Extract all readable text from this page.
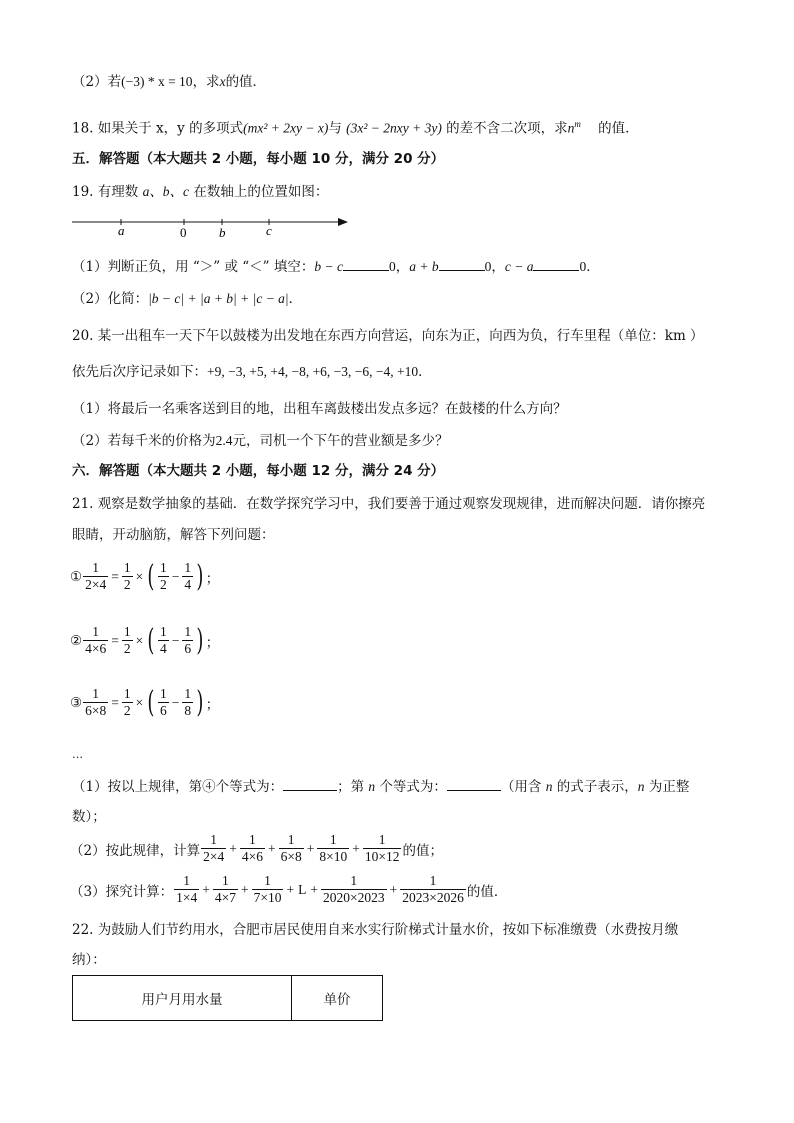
（2）若(−3) * x = 10，求x的值．
18. 如果关于 x，y 的多项式(mx² + 2xy − x)与 (3x² − 2nxy + 3y) 的差不含二次项，求$n^m$ 的值．
五．解答题（本大题共 2 小题，每小题 10 分，满分 20 分）
19. 有理数 a、b、c 在数轴上的位置如图：
a	0	b	c
（1）判断正负，用 “＞” 或 “＜” 填空：b − c	0，a + b	0，c − a	0．
（2）化简：|b − c| + |a + b| + |c − a|．
20. 某一出租车一天下午以鼓楼为出发地在东西方向营运，向东为正，向西为负，行车里程（单位：km ）
依先后次序记录如下：+9, −3, +5, +4, −8, +6, −3, −6, −4, +10．
（1）将最后一名乘客送到目的地，出租车离鼓楼出发点多远？在鼓楼的什么方向？
（2）若每千米的价格为2.4元，司机一个下午的营业额是多少？
六．解答题（本大题共 2 小题，每小题 12 分，满分 24 分）
21. 观察是数学抽象的基础．在数学探究学习中，我们要善于通过观察发现规律，进而解决问题．请你擦亮
眼睛，开动脑筋，解答下列问题：
① $\frac{1}{2\times 4} = \frac{1}{2}$ × ( $\frac{1}{2} - \frac{1}{4}$ ) ；
② $\frac{1}{4\times 6} = \frac{1}{2}$ × ( $\frac{1}{4} - \frac{1}{6}$ ) ；
③ $\frac{1}{6\times 8} = \frac{1}{2}$ × ( $\frac{1}{6} - \frac{1}{8}$ ) ；
…
（1）按以上规律，第④个等式为：	；第 n 个等式为：	（用含 n 的式子表示，n 为正整
数）；
（2）按此规律，计算 $\frac{1}{2\times 4} + \frac{1}{4\times 6} + \frac{1}{6\times 8} + \frac{1}{8\times 10} + \frac{1}{10\times 12}$ 的值；
（3）探究计算： $\frac{1}{1\times 4} + \frac{1}{4\times 7} + \frac{1}{7\times 10} + L + \frac{1}{2020\times 2023} + \frac{1}{2023\times 2026}$ 的值．
22. 为鼓励人们节约用水，合肥市居民使用自来水实行阶梯式计量水价，按如下标准缴费（水费按月缴
纳）：
用户月用水量	单价
